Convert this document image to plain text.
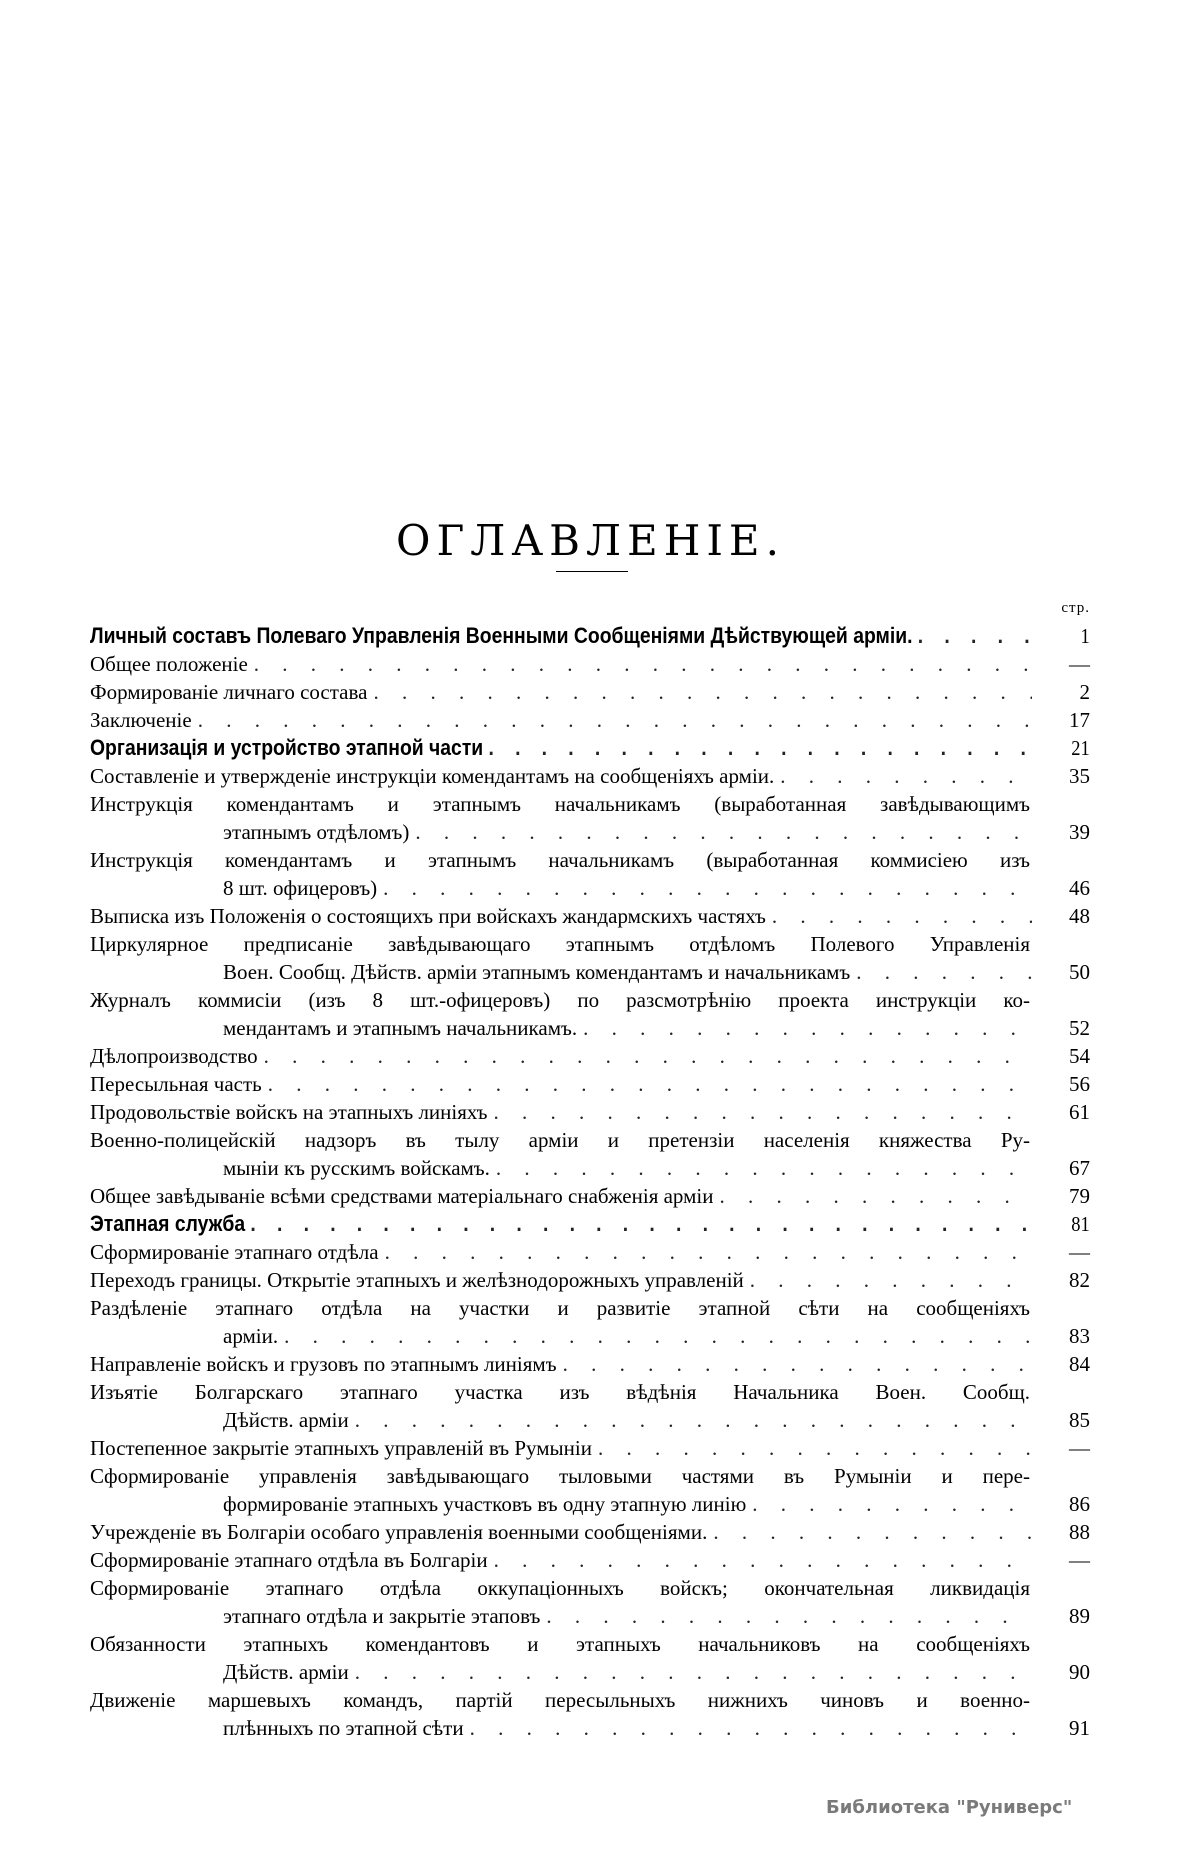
ОГЛАВЛЕНІЕ.
стр.
Личный составъ Полеваго Управленія Военными Сообщеніями Дѣйствующей арміи. . . .	1
Общее положеніе . . .	—
Формированіе личнаго состава . . .	2
Заключеніе . . .	17
Организація и устройство этапной части . . .	21
Составленіе и утвержденіе инструкціи комендантамъ на сообщеніяхъ арміи. . . .	35
Инструкція комендантамъ и этапнымъ начальникамъ (выработанная завѣдывающимъ
этапнымъ отдѣломъ) . . .	39
Инструкція комендантамъ и этапнымъ начальникамъ (выработанная коммисіею изъ
8 шт. офицеровъ) . . .	46
Выписка изъ Положенія о состоящихъ при войскахъ жандармскихъ частяхъ . . .	48
Циркулярное предписаніе завѣдывающаго этапнымъ отдѣломъ Полевого Управленія
Воен. Сообщ. Дѣйств. арміи этапнымъ комендантамъ и начальникамъ . . .	50
Журналъ коммисіи (изъ 8 шт.-офицеровъ) по разсмотрѣнію проекта инструкціи ко-
мендантамъ и этапнымъ начальникамъ. . . .	52
Дѣлопроизводство . . .	54
Пересыльная часть . . .	56
Продовольствіе войскъ на этапныхъ линіяхъ . . .	61
Военно-полицейскій надзоръ въ тылу арміи и претензіи населенія княжества Ру-
мыніи къ русскимъ войскамъ. . . .	67
Общее завѣдываніе всѣми средствами матеріальнаго снабженія арміи . . .	79
Этапная служба . . .	81
Сформированіе этапнаго отдѣла . . .	—
Переходъ границы. Открытіе этапныхъ и желѣзнодорожныхъ управленій . . .	82
Раздѣленіе этапнаго отдѣла на участки и развитіе этапной сѣти на сообщеніяхъ
арміи. . . .	83
Направленіе войскъ и грузовъ по этапнымъ линіямъ . . .	84
Изъятіе Болгарскаго этапнаго участка изъ вѣдѣнія Начальника Воен. Сообщ.
Дѣйств. арміи . . .	85
Постепенное закрытіе этапныхъ управленій въ Румыніи . . .	—
Сформированіе управленія завѣдывающаго тыловыми частями въ Румыніи и пере-
формированіе этапныхъ участковъ въ одну этапную линію . . .	86
Учрежденіе въ Болгаріи особаго управленія военными сообщеніями. . . .	88
Сформированіе этапнаго отдѣла въ Болгаріи . . .	—
Сформированіе этапнаго отдѣла оккупаціонныхъ войскъ; окончательная ликвидація
этапнаго отдѣла и закрытіе этаповъ . . .	89
Обязанности этапныхъ комендантовъ и этапныхъ начальниковъ на сообщеніяхъ
Дѣйств. арміи . . .	90
Движеніе маршевыхъ командъ, партій пересыльныхъ нижнихъ чиновъ и военно-
плѣнныхъ по этапной сѣти . . .	91
Библиотека "Руниверс"
